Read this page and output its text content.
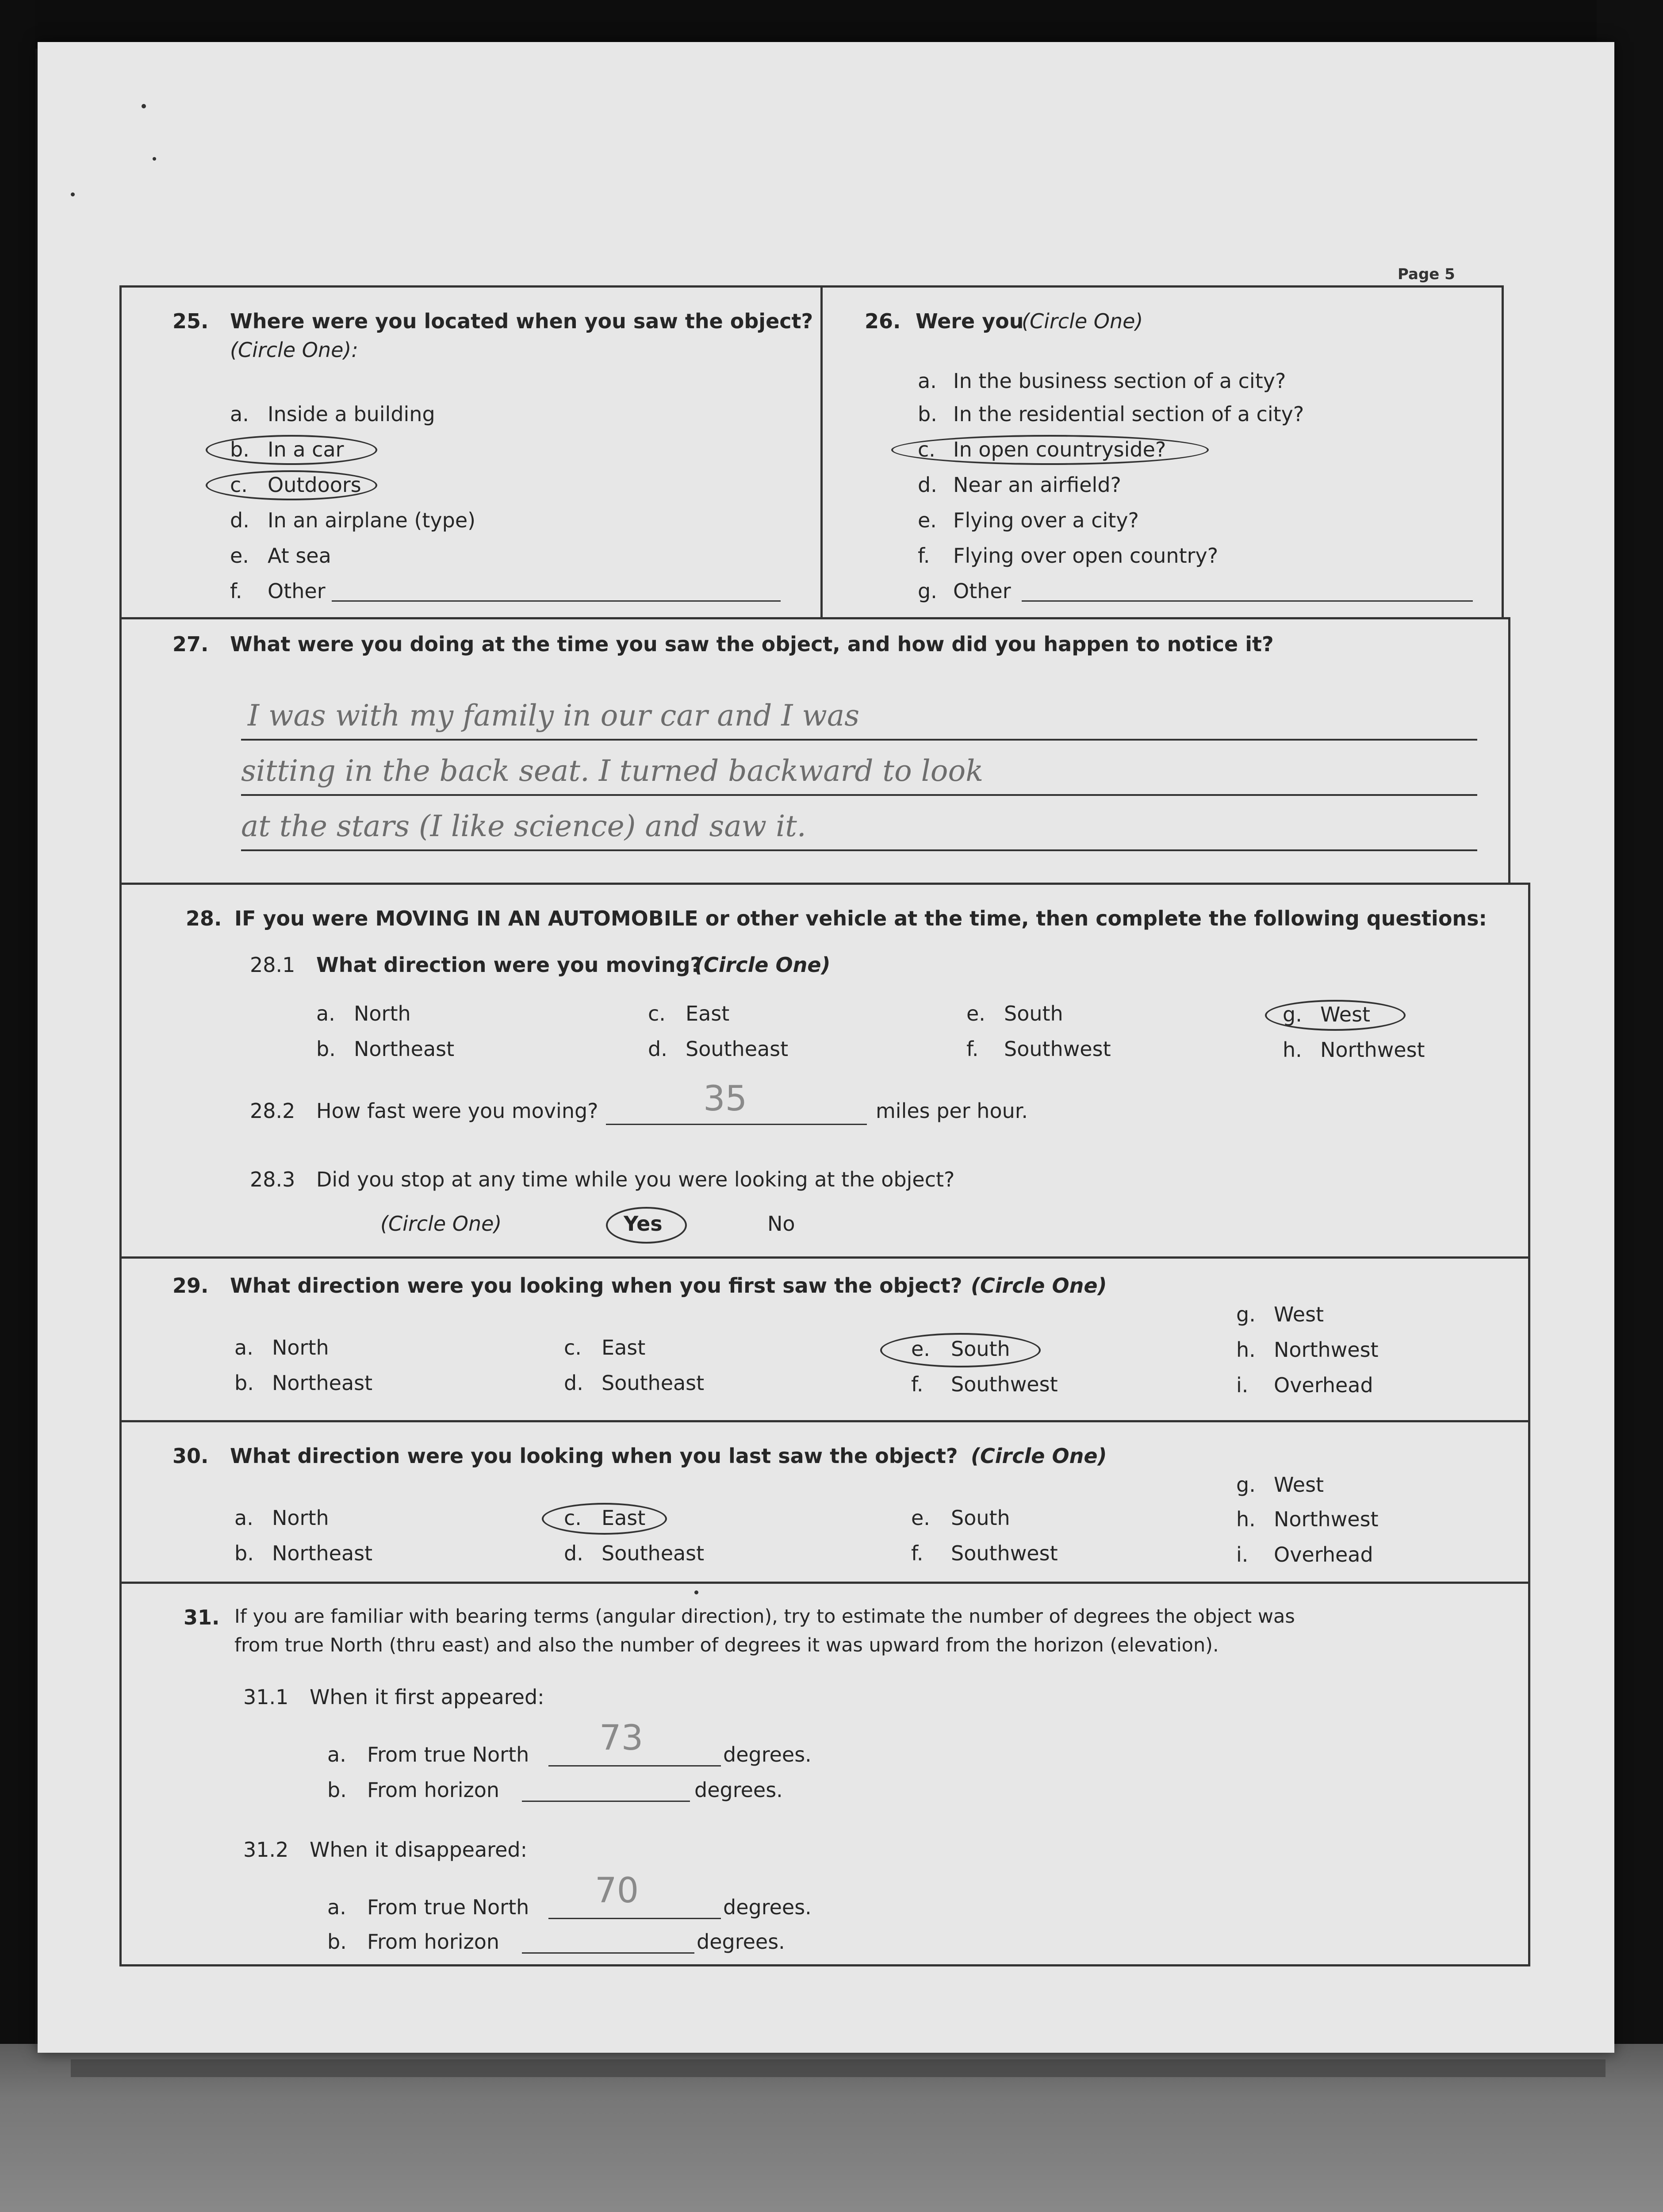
Page 5
25. Where were you located when you saw the object?
(Circle One):
a. Inside a building
b. In a car
c. Outdoors
d. In an airplane (type)
e. At sea
f. Other
26. Were you
(Circle One)
a. In the business section of a city?
b. In the residential section of a city?
c. In open countryside?
d. Near an airfield?
e. Flying over a city?
f. Flying over open country?
g. Other
27. What were you doing at the time you saw the object, and how did you happen to notice it?
I was with my family in our car and I was
sitting in the back seat. I turned backward to look
at the stars (I like science) and saw it.
28. IF you were MOVING IN AN AUTOMOBILE or other vehicle at the time, then complete the following questions:
28.1 What direction were you moving?
(Circle One)
a. North
b. Northeast
c. East
d. Southeast
e. South
f. Southwest
g. West
h. Northwest
28.2 How fast were you moving?	35	miles per hour.
28.3 Did you stop at any time while you were looking at the object?
(Circle One)	Yes	No
29. What direction were you looking when you first saw the object? (Circle One)
a. North
b. Northeast
c. East
d. Southeast
e. South
f. Southwest
g. West
h. Northwest
i. Overhead
30. What direction were you looking when you last saw the object? (Circle One)
a. North
b. Northeast
c. East
d. Southeast
e. South
f. Southwest
g. West
h. Northwest
i. Overhead
31. If you are familiar with bearing terms (angular direction), try to estimate the number of degrees the object was
from true North (thru east) and also the number of degrees it was upward from the horizon (elevation).
31.1 When it first appeared:
a. From true North 73	degrees.
b. From horizon	degrees.
31.2 When it disappeared:
a. From true North 70	degrees.
b. From horizon	degrees.
